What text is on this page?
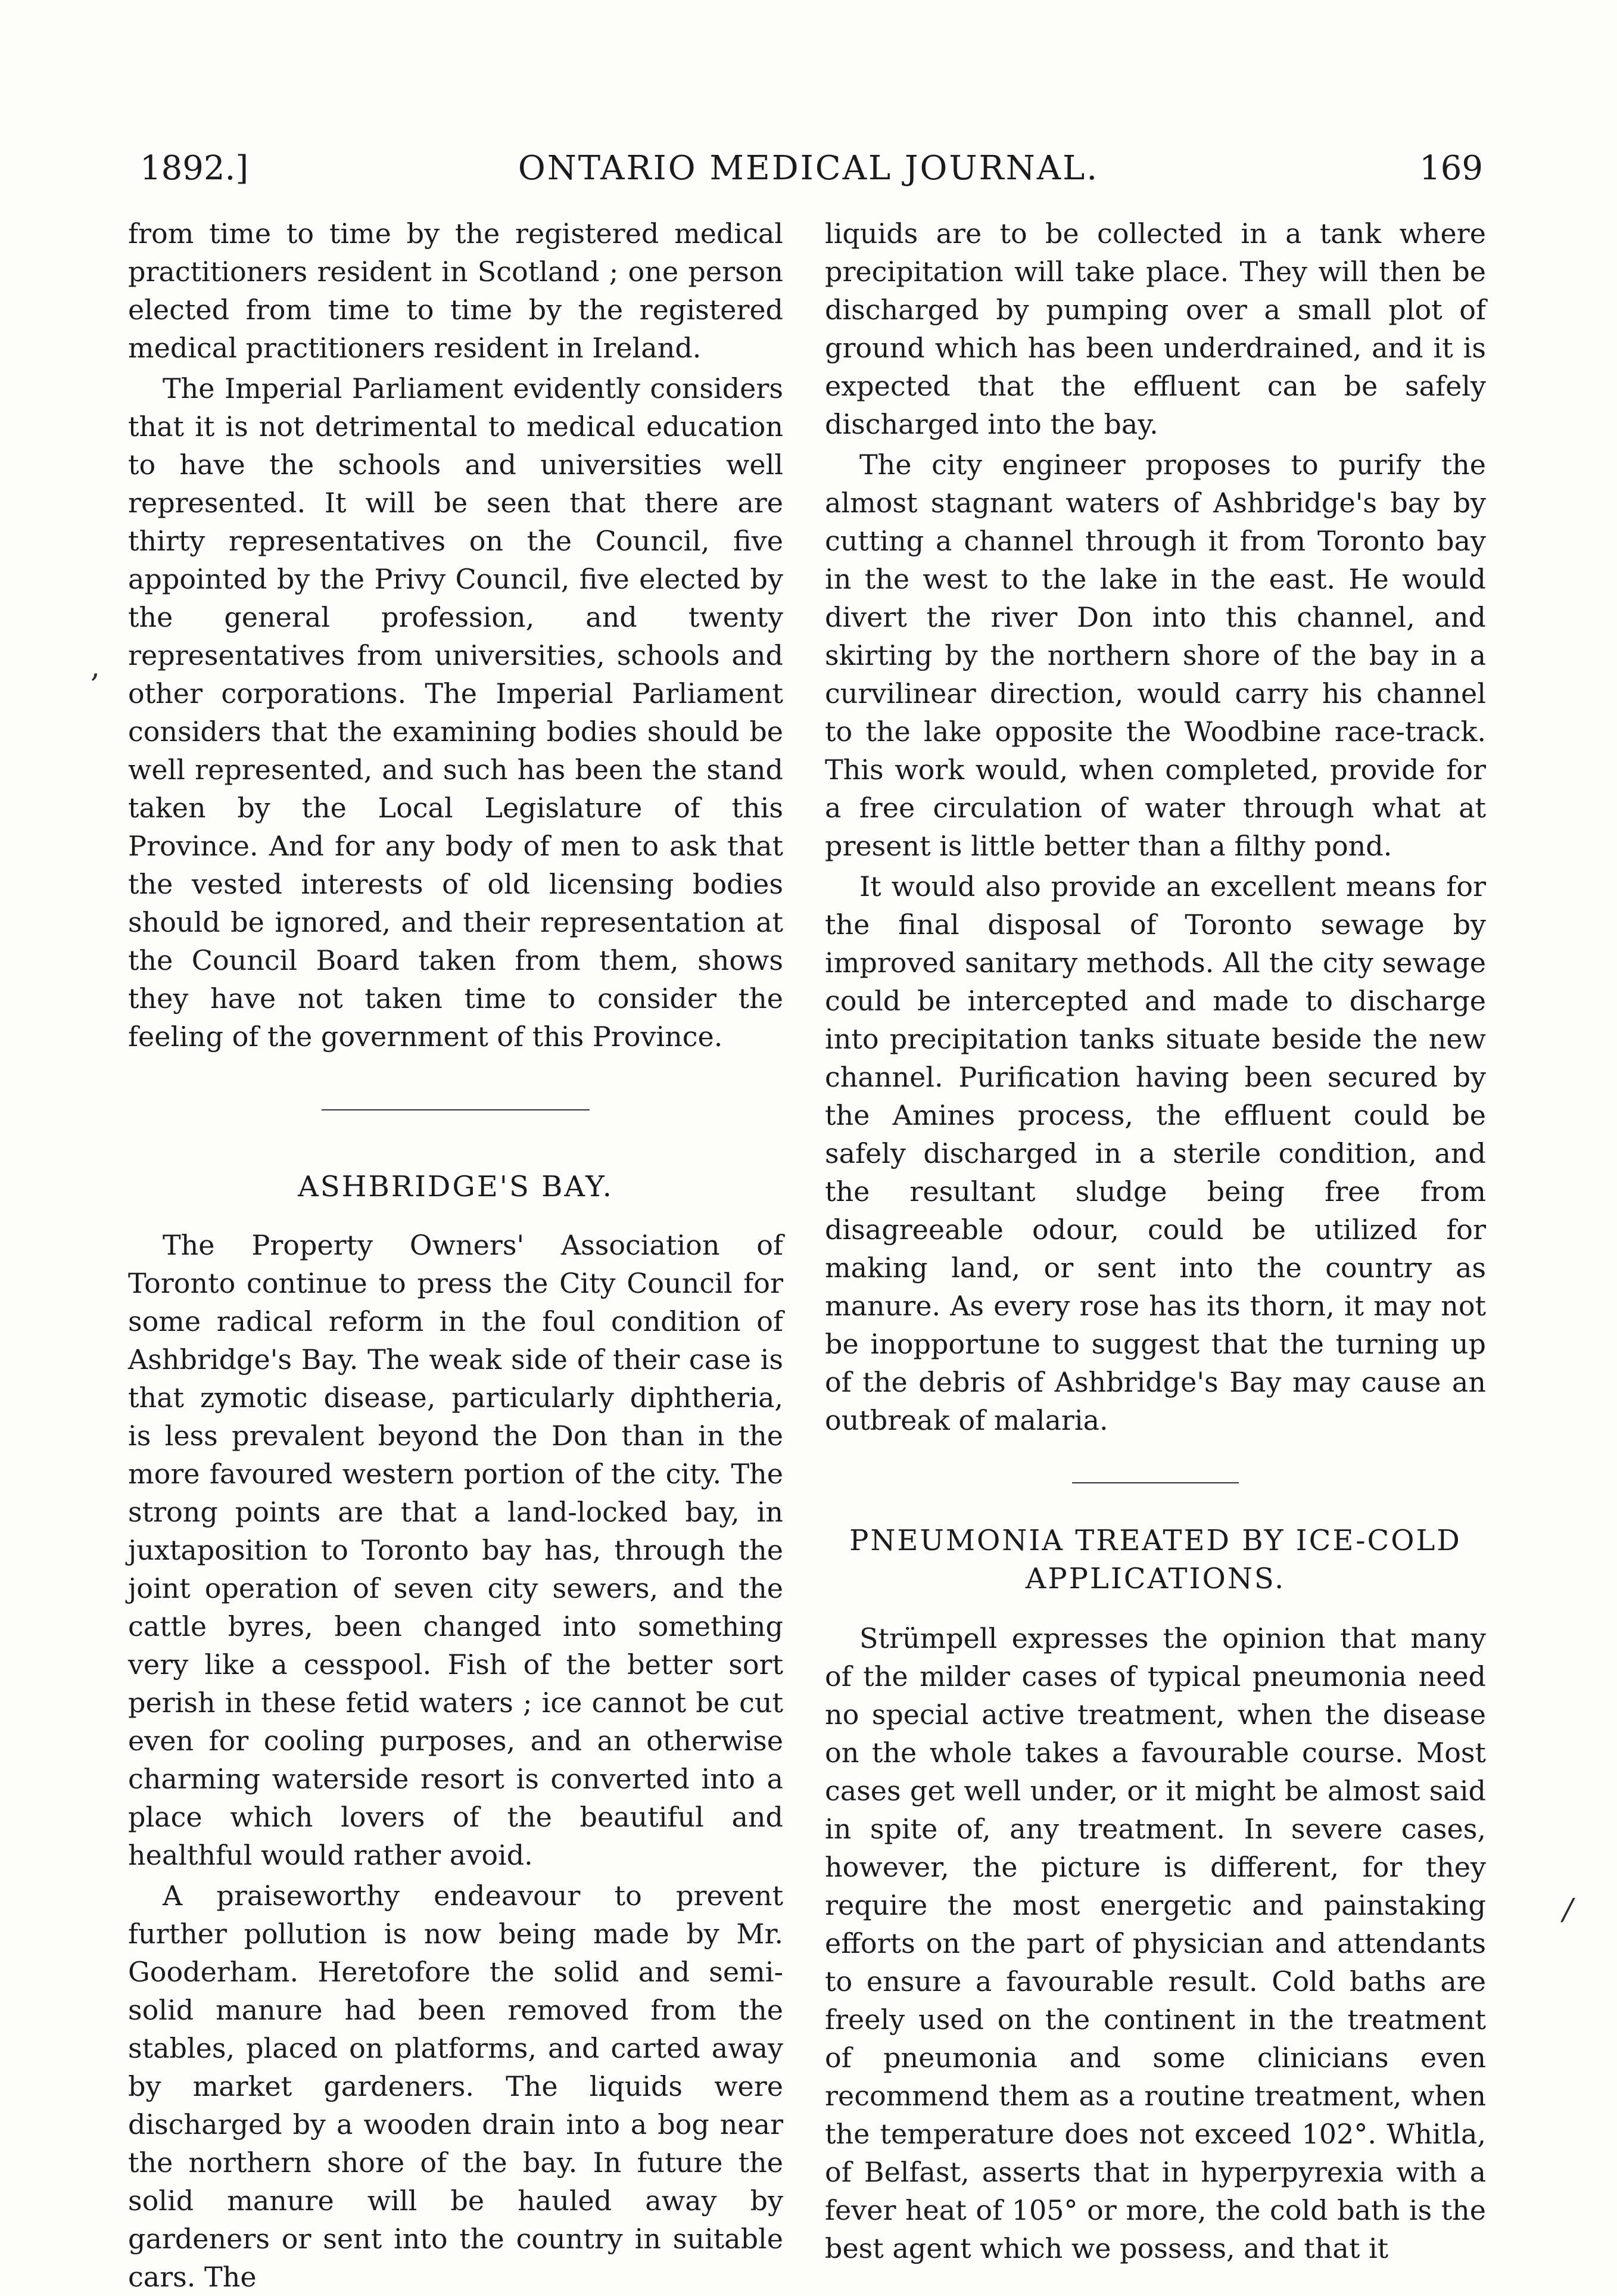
1892.]	ONTARIO MEDICAL JOURNAL.	169
,
/

from time to time by the registered medical practitioners resident in Scotland ; one person elected from time to time by the registered medical practitioners resident in Ireland.

The Imperial Parliament evidently considers that it is not detrimental to medical education to have the schools and universities well represented. It will be seen that there are thirty representatives on the Council, five appointed by the Privy Council, five elected by the general profession, and twenty representatives from universities, schools and other corporations. The Imperial Parliament considers that the examining bodies should be well represented, and such has been the stand taken by the Local Legislature of this Province. And for any body of men to ask that the vested interests of old licensing bodies should be ignored, and their representation at the Council Board taken from them, shows they have not taken time to consider the feeling of the government of this Province.

ASHBRIDGE'S BAY.

The Property Owners' Association of Toronto continue to press the City Council for some radical reform in the foul condition of Ashbridge's Bay. The weak side of their case is that zymotic disease, particularly diphtheria, is less prevalent beyond the Don than in the more favoured western portion of the city. The strong points are that a land-locked bay, in juxtaposition to Toronto bay has, through the joint operation of seven city sewers, and the cattle byres, been changed into something very like a cesspool. Fish of the better sort perish in these fetid waters ; ice cannot be cut even for cooling purposes, and an otherwise charming waterside resort is converted into a place which lovers of the beautiful and healthful would rather avoid.

A praiseworthy endeavour to prevent further pollution is now being made by Mr. Gooderham. Heretofore the solid and semi-solid manure had been removed from the stables, placed on platforms, and carted away by market gardeners. The liquids were discharged by a wooden drain into a bog near the northern shore of the bay. In future the solid manure will be hauled away by gardeners or sent into the country in suitable cars. The

liquids are to be collected in a tank where precipitation will take place. They will then be discharged by pumping over a small plot of ground which has been underdrained, and it is expected that the effluent can be safely discharged into the bay.

The city engineer proposes to purify the almost stagnant waters of Ashbridge's bay by cutting a channel through it from Toronto bay in the west to the lake in the east. He would divert the river Don into this channel, and skirting by the northern shore of the bay in a curvilinear direction, would carry his channel to the lake opposite the Woodbine race-track. This work would, when completed, provide for a free circulation of water through what at present is little better than a filthy pond.

It would also provide an excellent means for the final disposal of Toronto sewage by improved sanitary methods. All the city sewage could be intercepted and made to discharge into precipitation tanks situate beside the new channel. Purification having been secured by the Amines process, the effluent could be safely discharged in a sterile condition, and the resultant sludge being free from disagreeable odour, could be utilized for making land, or sent into the country as manure. As every rose has its thorn, it may not be inopportune to suggest that the turning up of the debris of Ashbridge's Bay may cause an outbreak of malaria.

PNEUMONIA TREATED BY ICE-COLD
APPLICATIONS.

Strümpell expresses the opinion that many of the milder cases of typical pneumonia need no special active treatment, when the disease on the whole takes a favourable course. Most cases get well under, or it might be almost said in spite of, any treatment. In severe cases, however, the picture is different, for they require the most energetic and painstaking efforts on the part of physician and attendants to ensure a favourable result. Cold baths are freely used on the continent in the treatment of pneumonia and some clinicians even recommend them as a routine treatment, when the temperature does not exceed 102°. Whitla, of Belfast, asserts that in hyperpyrexia with a fever heat of 105° or more, the cold bath is the best agent which we possess, and that it
